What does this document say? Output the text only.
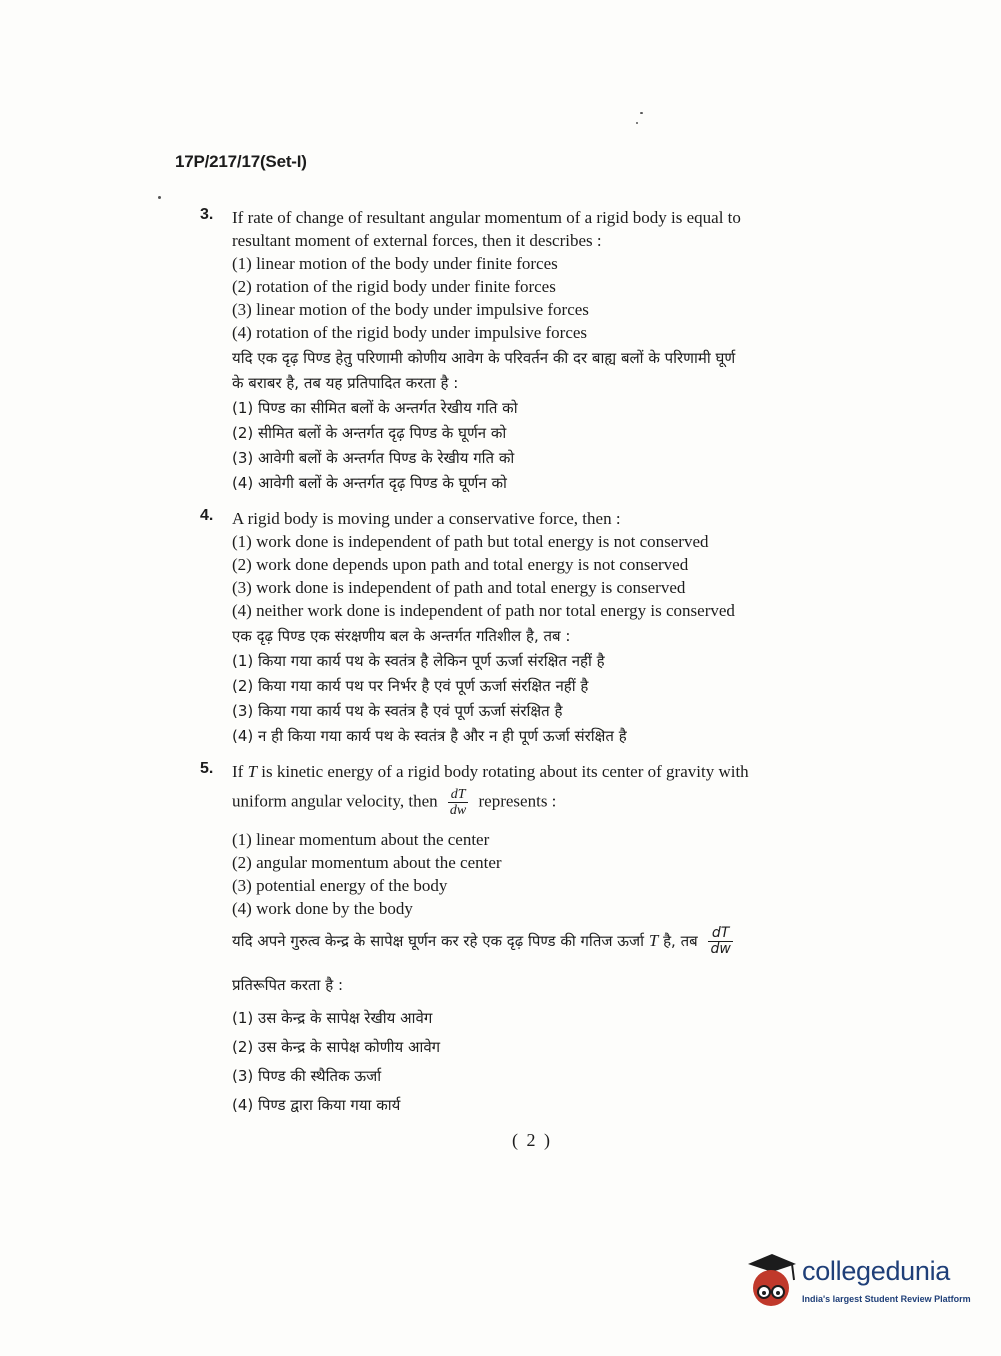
17P/217/17(Set-I)
3. If rate of change of resultant angular momentum of a rigid body is equal to
resultant moment of external forces, then it describes :
(1) linear motion of the body under finite forces
(2) rotation of the rigid body under finite forces
(3) linear motion of the body under impulsive forces
(4) rotation of the rigid body under impulsive forces
यदि एक दृढ़ पिण्ड हेतु परिणामी कोणीय आवेग के परिवर्तन की दर बाह्य बलों के परिणामी घूर्ण
के बराबर है, तब यह प्रतिपादित करता है :
(1) पिण्ड का सीमित बलों के अन्तर्गत रेखीय गति को
(2) सीमित बलों के अन्तर्गत दृढ़ पिण्ड के घूर्णन को
(3) आवेगी बलों के अन्तर्गत पिण्ड के रेखीय गति को
(4) आवेगी बलों के अन्तर्गत दृढ़ पिण्ड के घूर्णन को
4. A rigid body is moving under a conservative force, then :
(1) work done is independent of path but total energy is not conserved
(2) work done depends upon path and total energy is not conserved
(3) work done is independent of path and total energy is conserved
(4) neither work done is independent of path nor total energy is conserved
एक दृढ़ पिण्ड एक संरक्षणीय बल के अन्तर्गत गतिशील है, तब :
(1) किया गया कार्य पथ के स्वतंत्र है लेकिन पूर्ण ऊर्जा संरक्षित नहीं है
(2) किया गया कार्य पथ पर निर्भर है एवं पूर्ण ऊर्जा संरक्षित नहीं है
(3) किया गया कार्य पथ के स्वतंत्र है एवं पूर्ण ऊर्जा संरक्षित है
(4) न ही किया गया कार्य पथ के स्वतंत्र है और न ही पूर्ण ऊर्जा संरक्षित है
5. If T is kinetic energy of a rigid body rotating about its center of gravity with
uniform angular velocity, then $\frac{dT}{dw}$ represents :
(1) linear momentum about the center
(2) angular momentum about the center
(3) potential energy of the body
(4) work done by the body
यदि अपने गुरुत्व केन्द्र के सापेक्ष घूर्णन कर रहे एक दृढ़ पिण्ड की गतिज ऊर्जा T है, तब $\frac{dT}{dw}$
प्रतिरूपित करता है :
(1) उस केन्द्र के सापेक्ष रेखीय आवेग
(2) उस केन्द्र के सापेक्ष कोणीय आवेग
(3) पिण्ड की स्थैतिक ऊर्जा
(4) पिण्ड द्वारा किया गया कार्य
( 2 )
collegedunia
India's largest Student Review Platform
